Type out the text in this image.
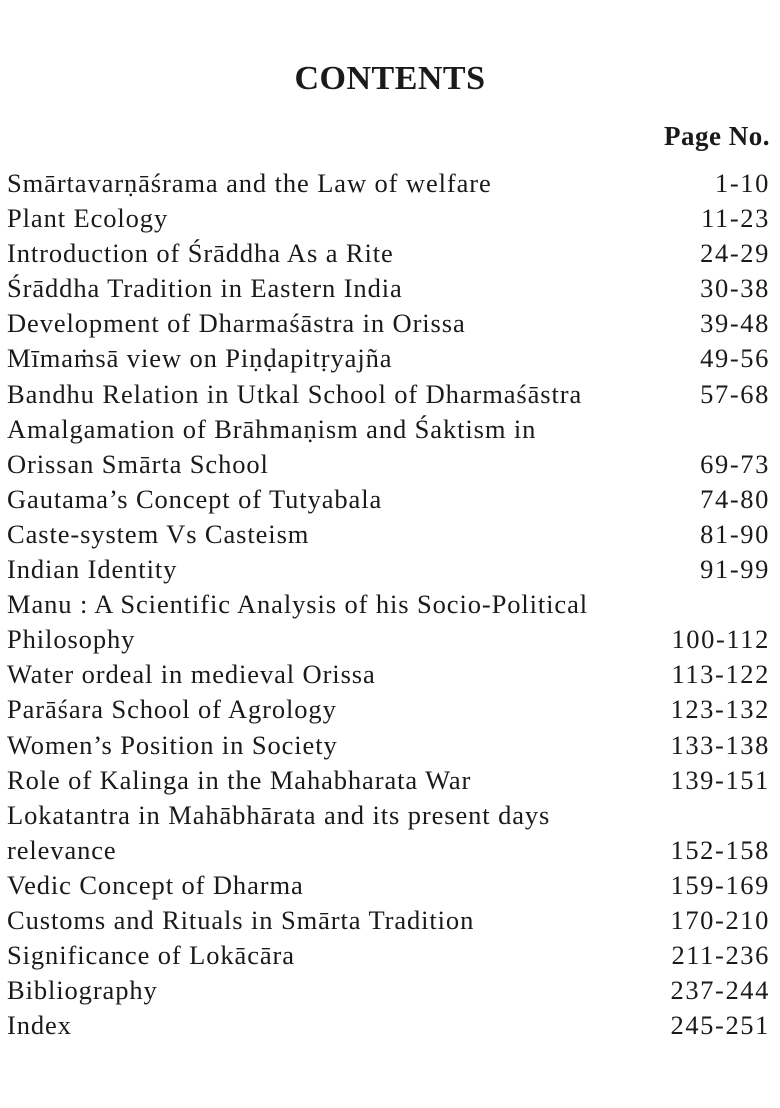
CONTENTS
Page No.
Smārtavarṇāśrama and the Law of welfare	1-10
Plant Ecology	11-23
Introduction of Śrāddha As a Rite	24-29
Śrāddha Tradition in Eastern India	30-38
Development of Dharmaśāstra in Orissa	39-48
Mīmaṁsā view on Piṇḍapitṛyajña	49-56
Bandhu Relation in Utkal School of Dharmaśāstra	57-68
Amalgamation of Brāhmaṇism and Śaktism in
Orissan Smārta School	69-73
Gautama’s Concept of Tutyabala	74-80
Caste-system Vs Casteism	81-90
Indian Identity	91-99
Manu : A Scientific Analysis of his Socio-Political
Philosophy	100-112
Water ordeal in medieval Orissa	113-122
Parāśara School of Agrology	123-132
Women’s Position in Society	133-138
Role of Kalinga in the Mahabharata War	139-151
Lokatantra in Mahābhārata and its present days
relevance	152-158
Vedic Concept of Dharma	159-169
Customs and Rituals in Smārta Tradition	170-210
Significance of Lokācāra	211-236
Bibliography	237-244
Index	245-251
